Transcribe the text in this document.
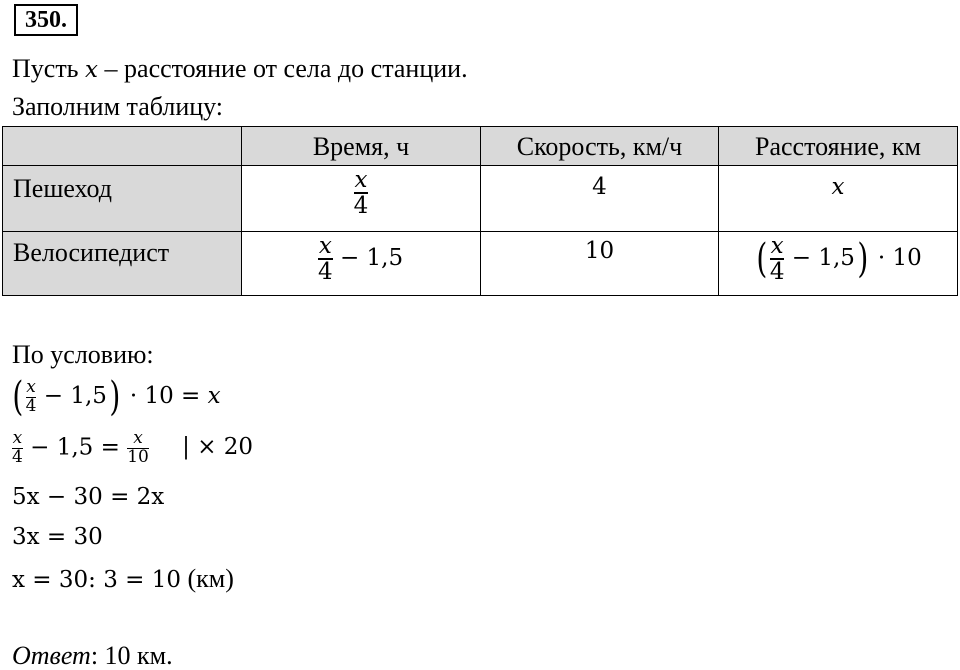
350.
Пусть x – расстояние от села до станции.
Заполним таблицу:

	Время, ч	Скорость, км/ч	Расстояние, км

Пешеход	$\frac{x}{4}$	4	x

Велосипедист	$\frac{x}{4} - 1,5$	10	( $\frac{x}{4} - 1,5) \cdot 10$
По условию:
( $\frac{x}{4} - 1,5) \cdot 10 = x$
$\frac{x}{4} - 1,5 = \frac{x}{10}$ | × 20
5x − 30 = 2x
3x = 30
x = 30: 3 = 10 (км)
Ответ: 10 км.
